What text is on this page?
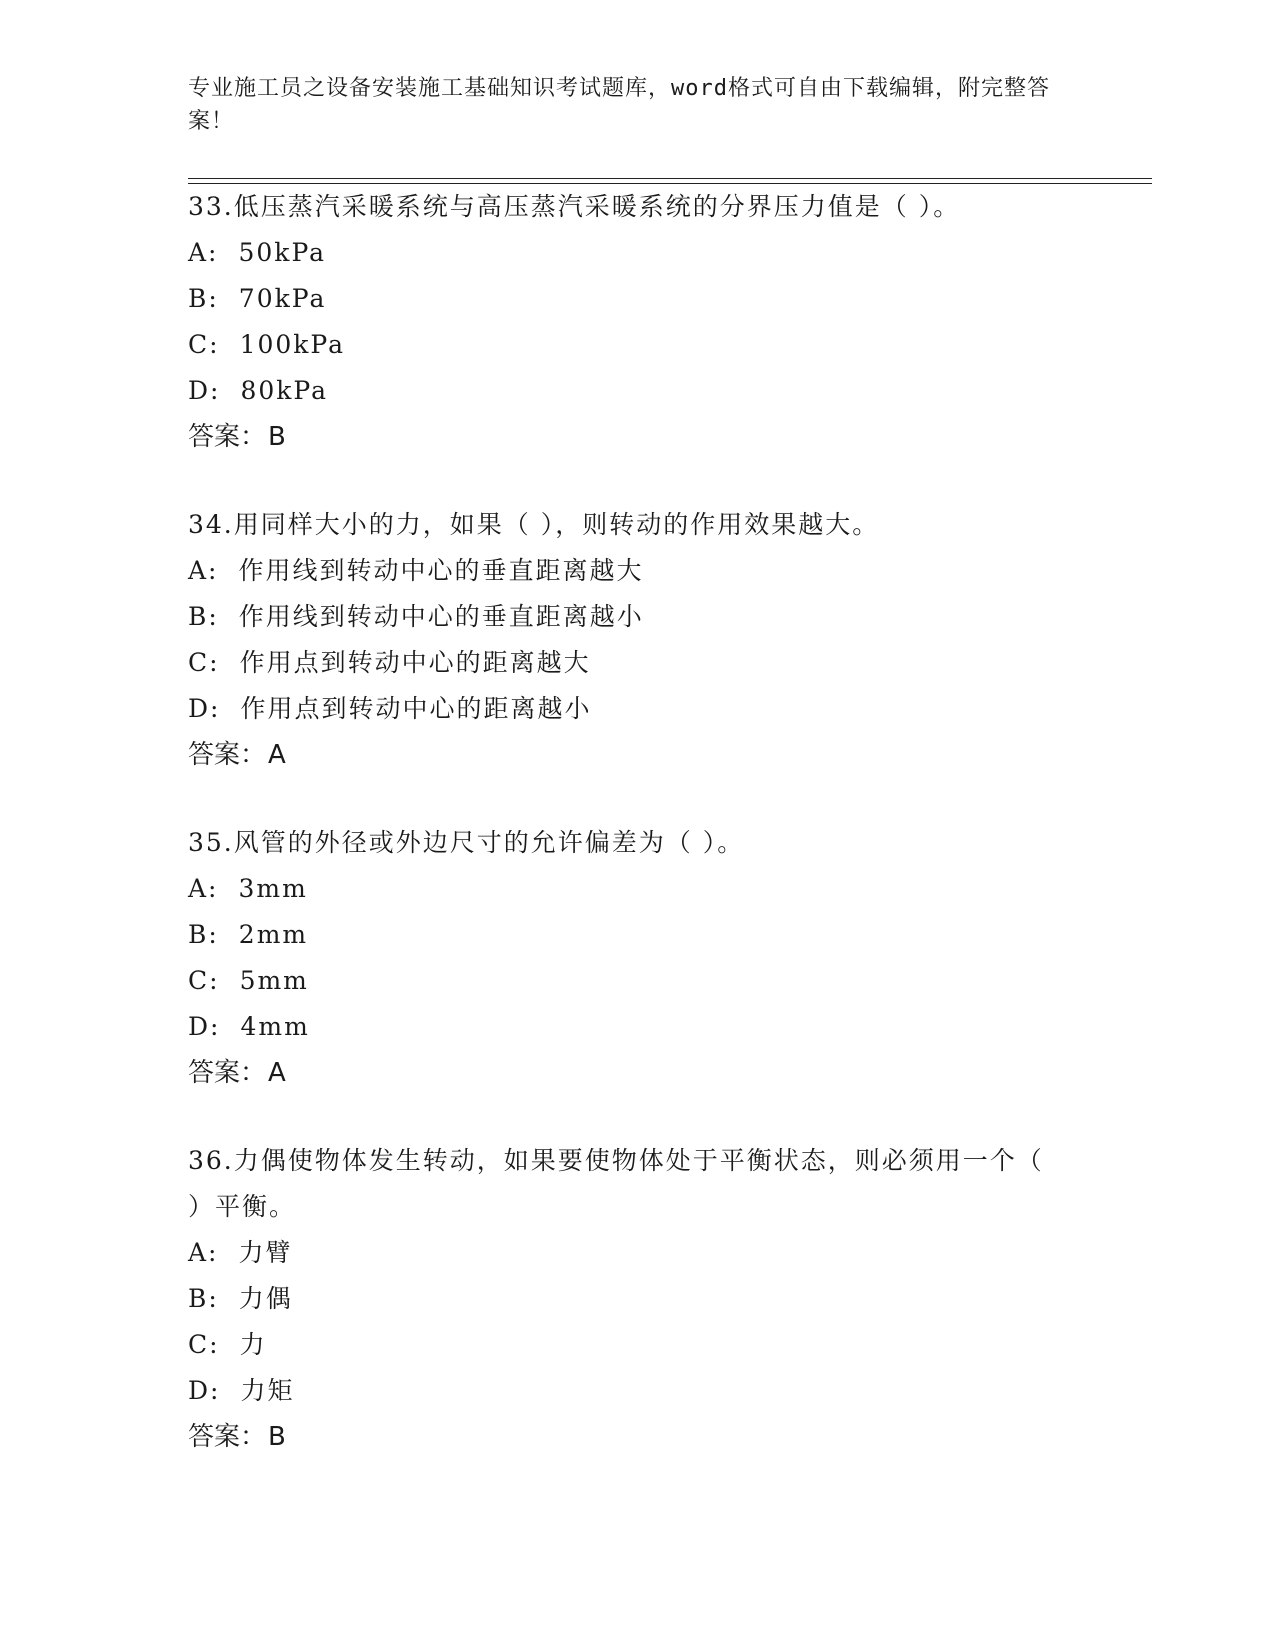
专业施工员之设备安装施工基础知识考试题库，word格式可自由下载编辑，附完整答案！

33.低压蒸汽采暖系统与高压蒸汽采暖系统的分界压力值是（ ）。

A: 50kPa

B: 70kPa

C: 100kPa

D: 80kPa

答案：B

34.用同样大小的力，如果（ ），则转动的作用效果越大。

A: 作用线到转动中心的垂直距离越大

B: 作用线到转动中心的垂直距离越小

C: 作用点到转动中心的距离越大

D: 作用点到转动中心的距离越小

答案：A

35.风管的外径或外边尺寸的允许偏差为（ ）。

A: 3mm

B: 2mm

C: 5mm

D: 4mm

答案：A

36.力偶使物体发生转动，如果要使物体处于平衡状态，则必须用一个（ ）平衡。

A: 力臂

B: 力偶

C: 力

D: 力矩

答案：B
